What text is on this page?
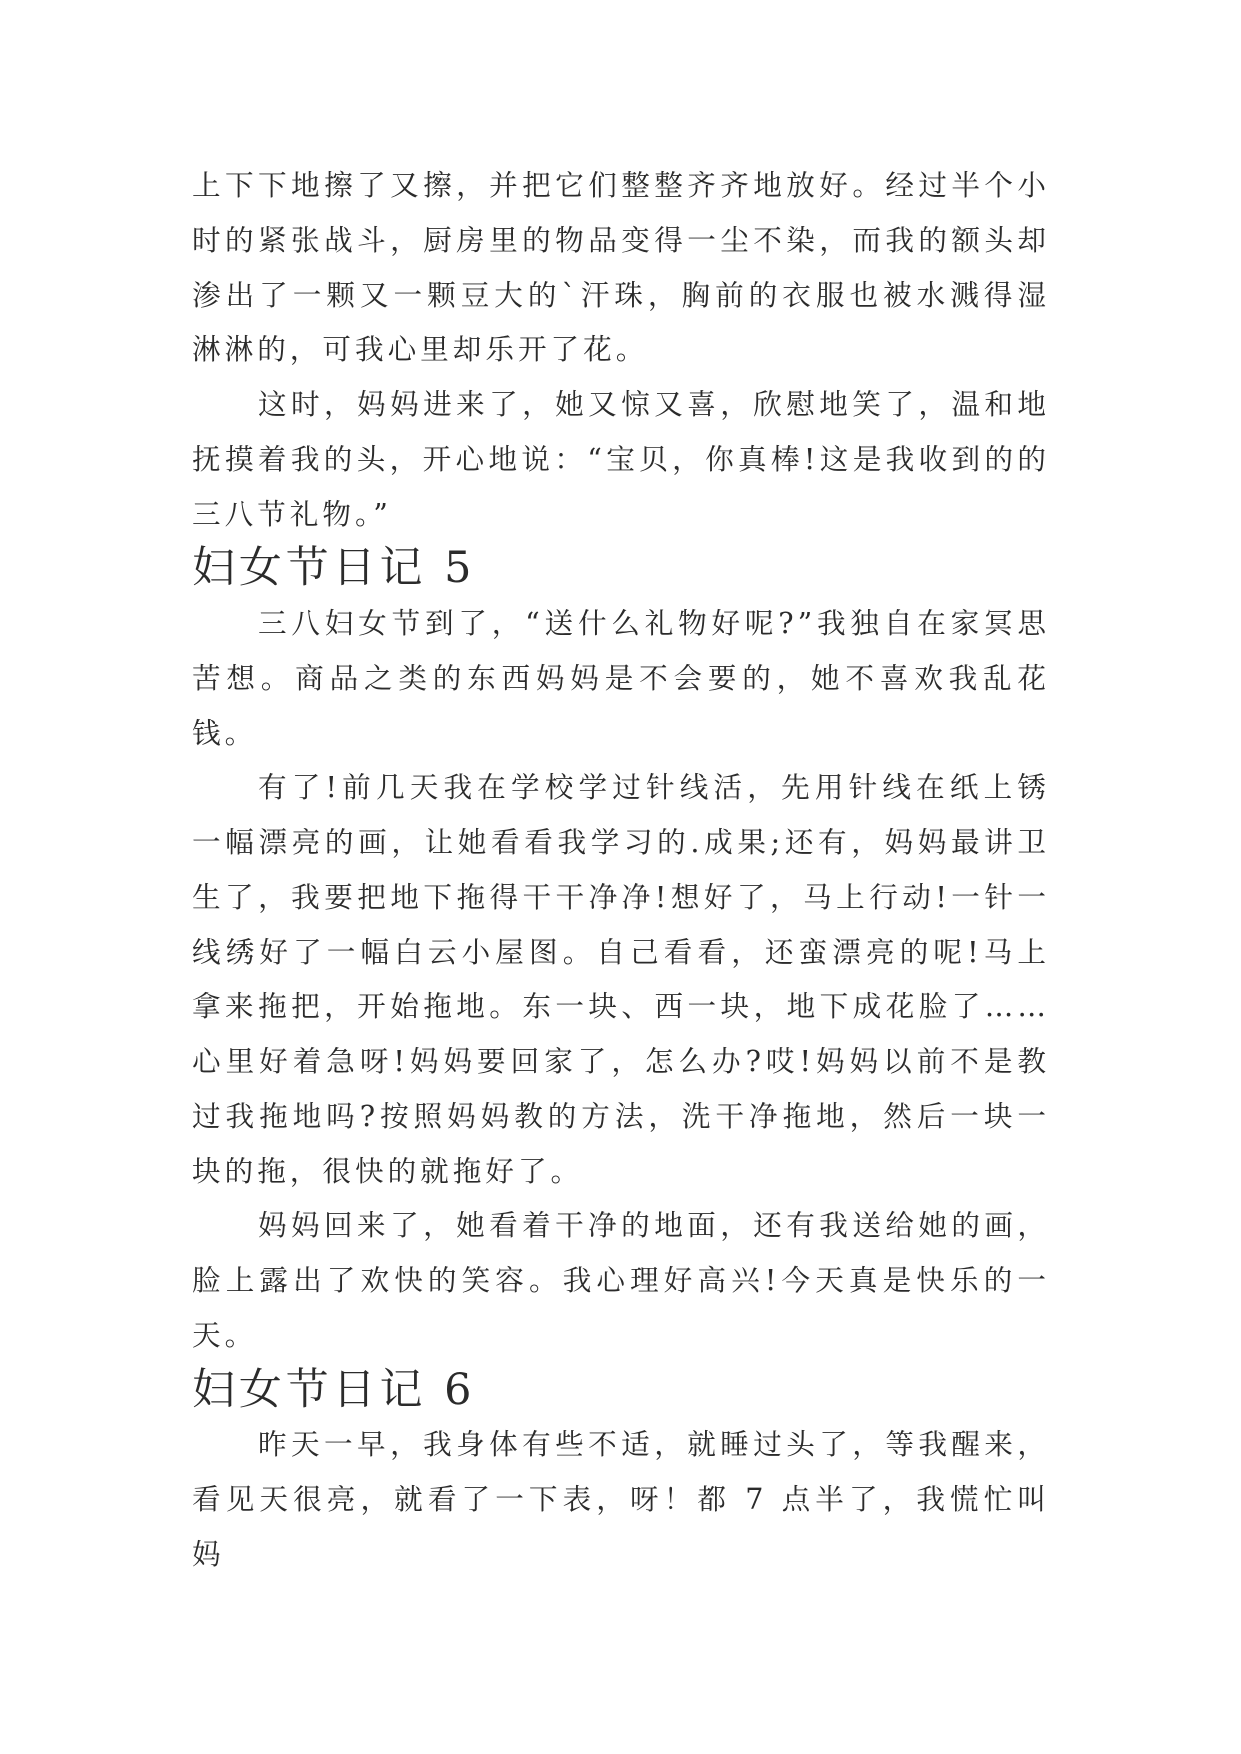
上下下地擦了又擦，并把它们整整齐齐地放好。经过半个小时的紧张战斗，厨房里的物品变得一尘不染，而我的额头却渗出了一颗又一颗豆大的`汗珠，胸前的衣服也被水溅得湿淋淋的，可我心里却乐开了花。

这时，妈妈进来了，她又惊又喜，欣慰地笑了，温和地抚摸着我的头，开心地说：“宝贝，你真棒!这是我收到的的三八节礼物。”

妇女节日记 5

三八妇女节到了，“送什么礼物好呢?”我独自在家冥思苦想。商品之类的东西妈妈是不会要的，她不喜欢我乱花钱。

有了!前几天我在学校学过针线活，先用针线在纸上锈一幅漂亮的画，让她看看我学习的.成果;还有，妈妈最讲卫生了，我要把地下拖得干干净净!想好了，马上行动!一针一线绣好了一幅白云小屋图。自己看看，还蛮漂亮的呢!马上拿来拖把，开始拖地。东一块、西一块，地下成花脸了……心里好着急呀!妈妈要回家了，怎么办?哎!妈妈以前不是教过我拖地吗?按照妈妈教的方法，洗干净拖地，然后一块一块的拖，很快的就拖好了。

妈妈回来了，她看着干净的地面，还有我送给她的画，脸上露出了欢快的笑容。我心理好高兴!今天真是快乐的一天。

妇女节日记 6

昨天一早，我身体有些不适，就睡过头了，等我醒来，看见天很亮，就看了一下表，呀！都 7 点半了，我慌忙叫妈
